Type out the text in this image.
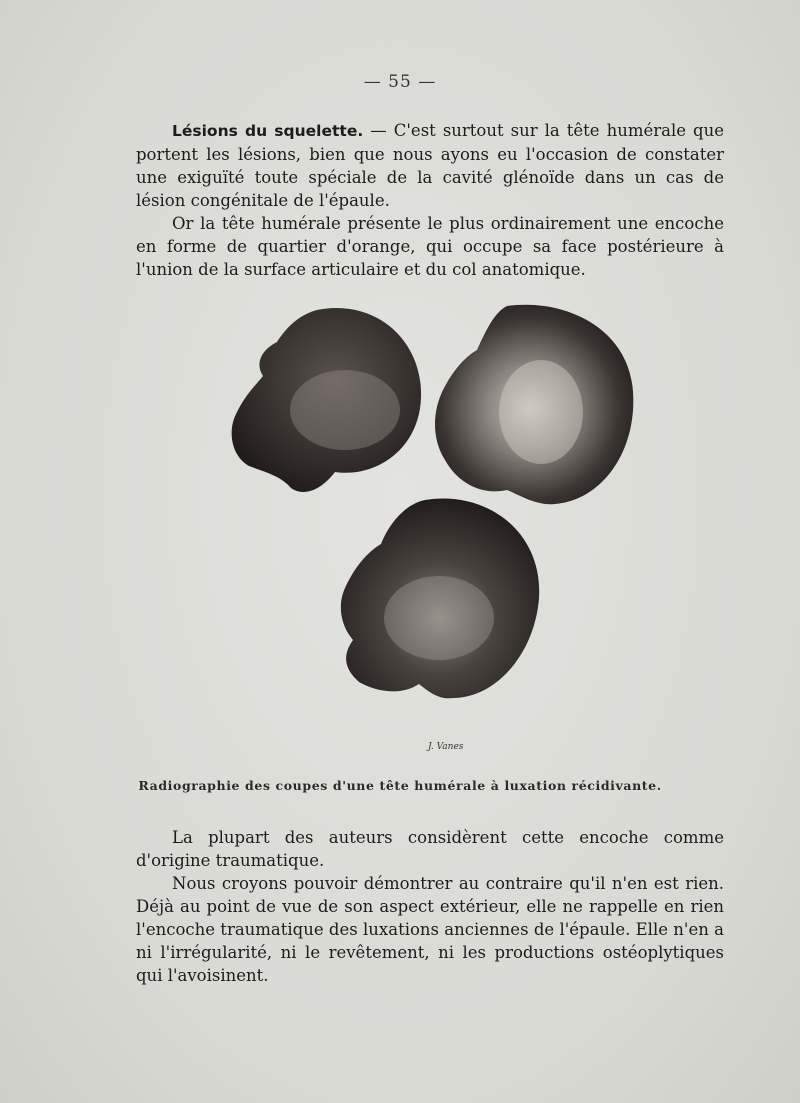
— 55 —

Lésions du squelette. — C'est surtout sur la tête humérale que portent les lésions, bien que nous ayons eu l'occasion de constater une exiguïté toute spéciale de la cavité glénoïde dans un cas de lésion congénitale de l'épaule.

Or la tête humérale présente le plus ordinairement une encoche en forme de quartier d'orange, qui occupe sa face postérieure à l'union de la surface articulaire et du col anatomique.

J. Vanes
Radiographie des coupes d'une tête humérale à luxation récidivante.

La plupart des auteurs considèrent cette encoche comme d'origine traumatique.

Nous croyons pouvoir démontrer au contraire qu'il n'en est rien. Déjà au point de vue de son aspect extérieur, elle ne rappelle en rien l'encoche traumatique des luxations anciennes de l'épaule. Elle n'en a ni l'irrégularité, ni le revêtement, ni les productions ostéoplytiques qui l'avoisinent.
